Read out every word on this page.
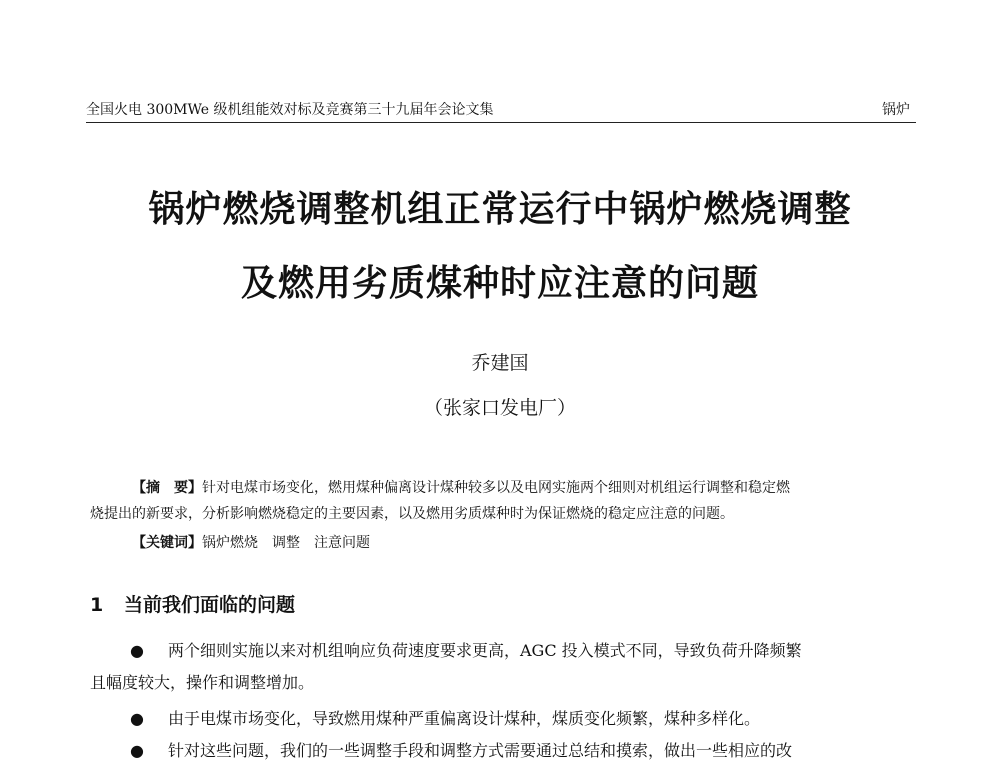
全国火电 300MWe 级机组能效对标及竞赛第三十九届年会论文集	锅炉
锅炉燃烧调整机组正常运行中锅炉燃烧调整
及燃用劣质煤种时应注意的问题
乔建国
（张家口发电厂）
【摘　要】针对电煤市场变化，燃用煤种偏离设计煤种较多以及电网实施两个细则对机组运行调整和稳定燃
烧提出的新要求，分析影响燃烧稳定的主要因素，以及燃用劣质煤种时为保证燃烧的稳定应注意的问题。
【关键词】锅炉燃烧　调整　注意问题
1 当前我们面临的问题
● 两个细则实施以来对机组响应负荷速度要求更高，AGC 投入模式不同，导致负荷升降频繁
且幅度较大，操作和调整增加。
● 由于电煤市场变化，导致燃用煤种严重偏离设计煤种，煤质变化频繁，煤种多样化。
● 针对这些问题，我们的一些调整手段和调整方式需要通过总结和摸索，做出一些相应的改
